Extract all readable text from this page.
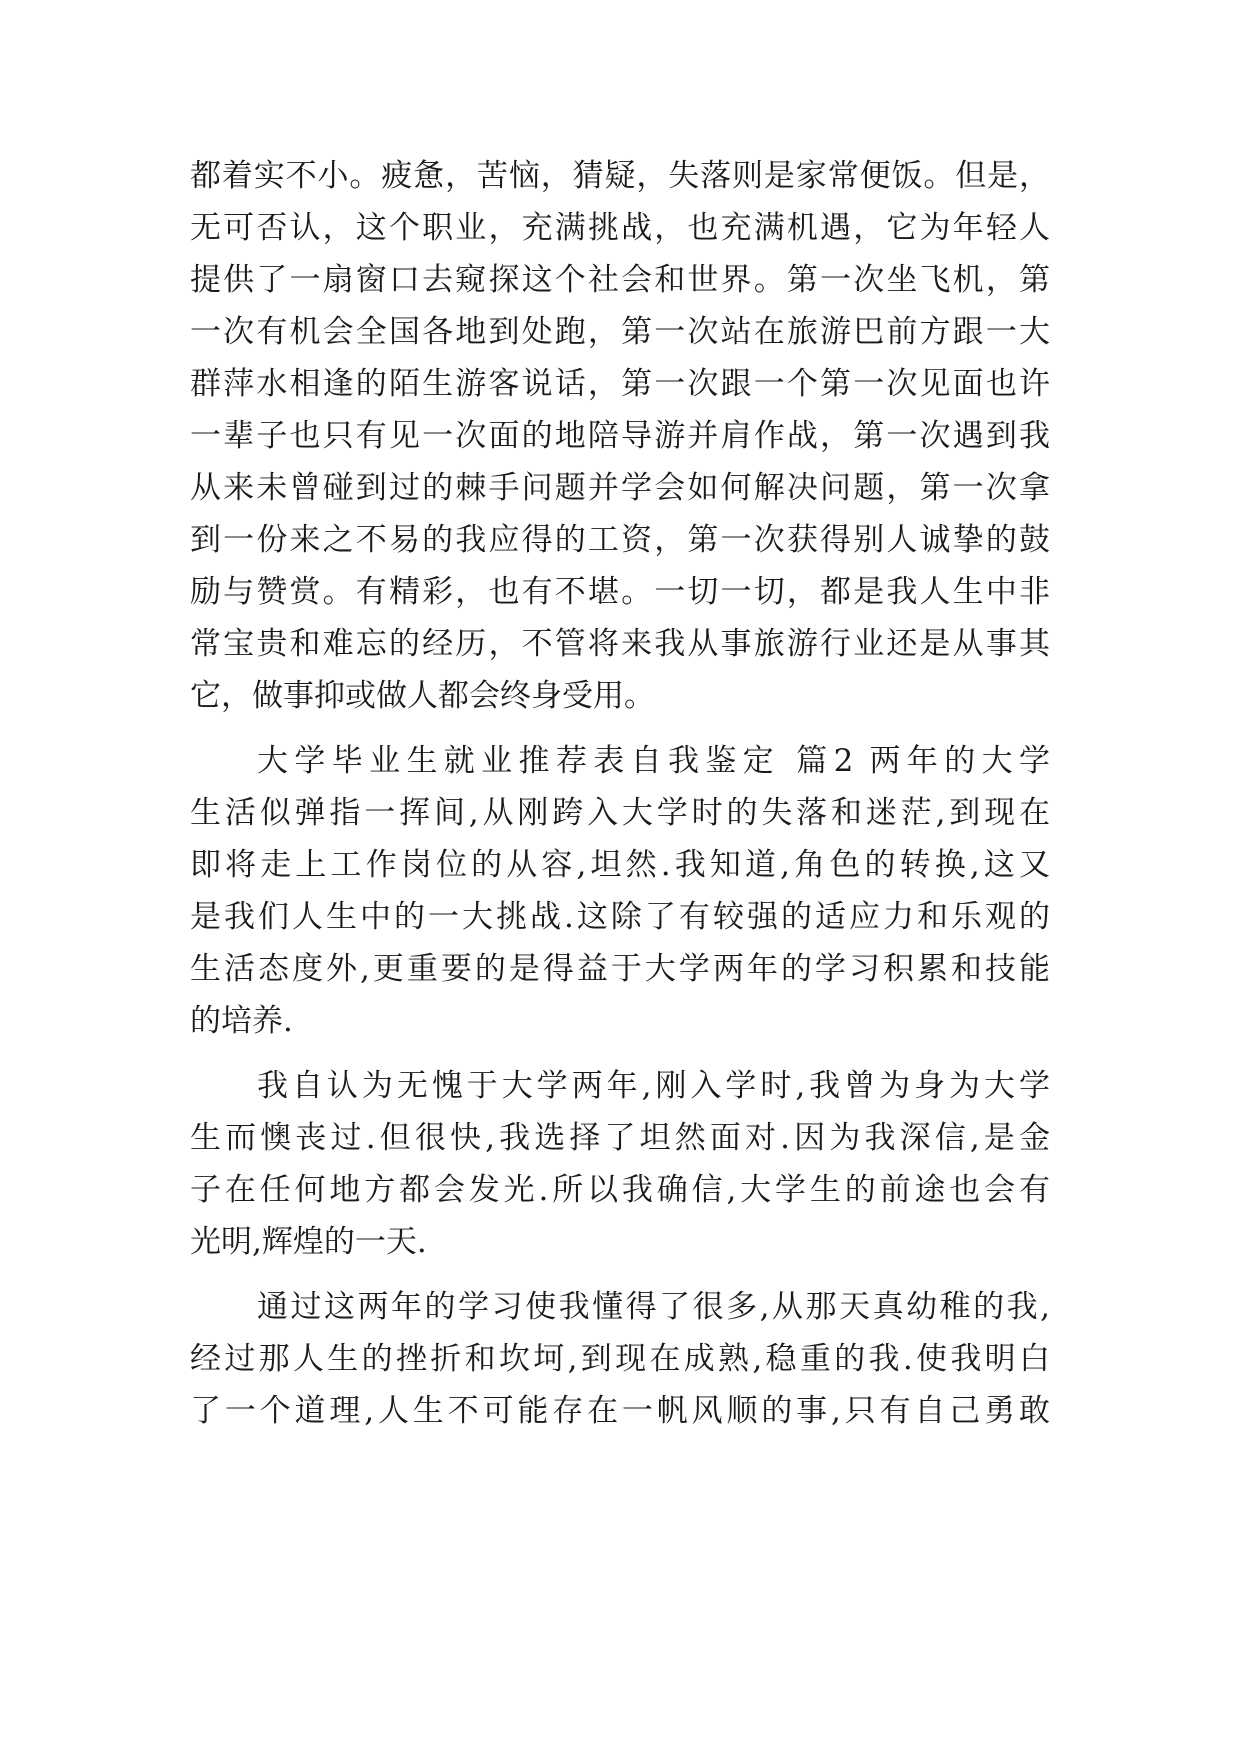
都着实不小。疲惫，苦恼，猜疑，失落则是家常便饭。但是，
无可否认，这个职业，充满挑战，也充满机遇，它为年轻人
提供了一扇窗口去窥探这个社会和世界。第一次坐飞机，第
一次有机会全国各地到处跑，第一次站在旅游巴前方跟一大
群萍水相逢的陌生游客说话，第一次跟一个第一次见面也许
一辈子也只有见一次面的地陪导游并肩作战，第一次遇到我
从来未曾碰到过的棘手问题并学会如何解决问题，第一次拿
到一份来之不易的我应得的工资，第一次获得别人诚挚的鼓
励与赞赏。有精彩，也有不堪。一切一切，都是我人生中非
常宝贵和难忘的经历，不管将来我从事旅游行业还是从事其
它，做事抑或做人都会终身受用。
大学毕业生就业推荐表自我鉴定 篇2 两年的大学
生活似弹指一挥间,从刚跨入大学时的失落和迷茫,到现在
即将走上工作岗位的从容,坦然.我知道,角色的转换,这又
是我们人生中的一大挑战.这除了有较强的适应力和乐观的
生活态度外,更重要的是得益于大学两年的学习积累和技能
的培养.
我自认为无愧于大学两年,刚入学时,我曾为身为大学
生而懊丧过.但很快,我选择了坦然面对.因为我深信,是金
子在任何地方都会发光.所以我确信,大学生的前途也会有
光明,辉煌的一天.
通过这两年的学习使我懂得了很多,从那天真幼稚的我,
经过那人生的挫折和坎坷,到现在成熟,稳重的我.使我明白
了一个道理,人生不可能存在一帆风顺的事,只有自己勇敢
